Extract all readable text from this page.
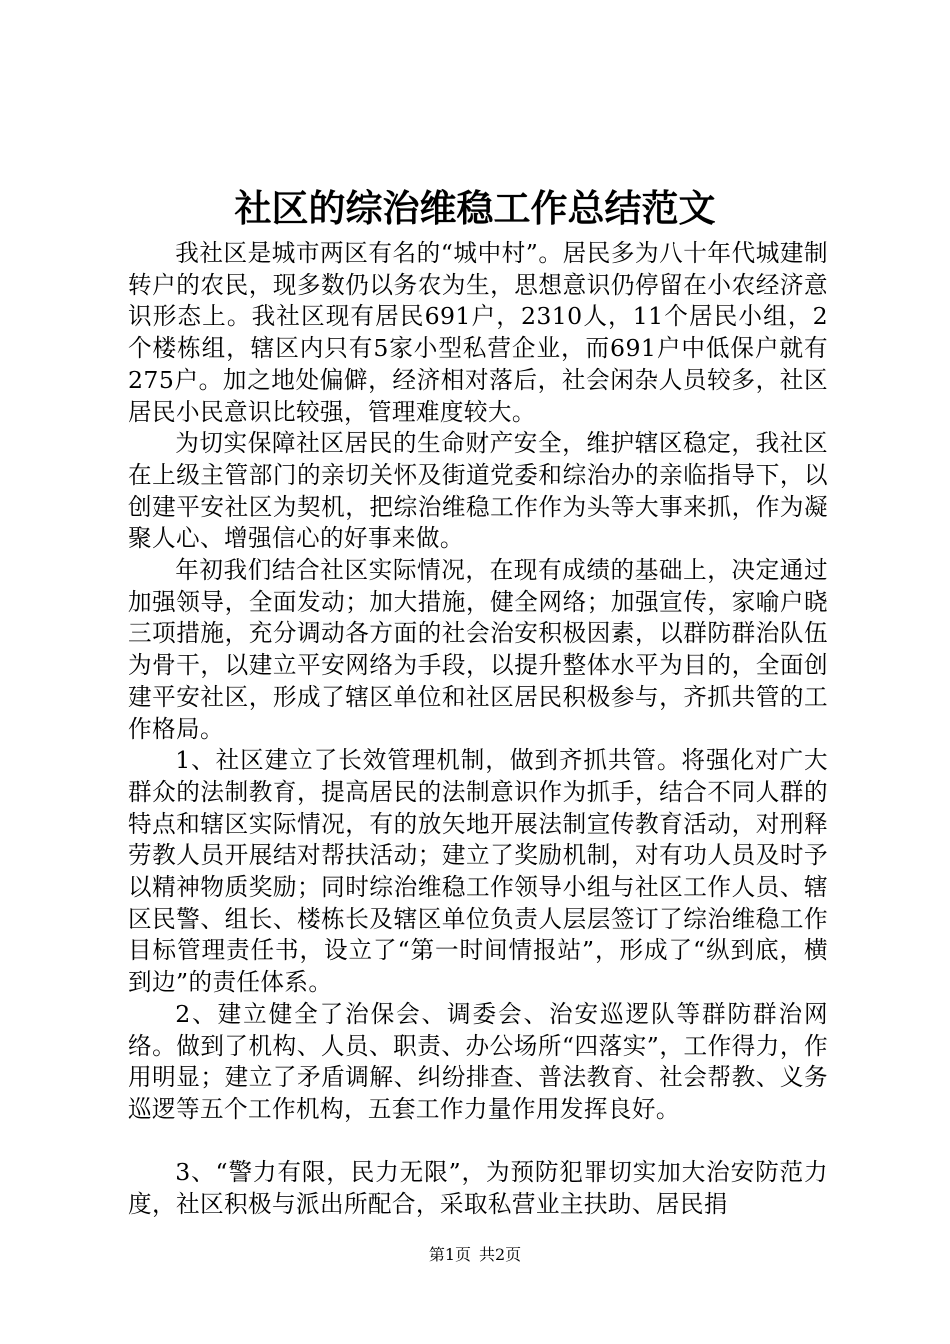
社区的综治维稳工作总结范文

我社区是城市两区有名的“城中村”。居民多为八十年代城建制转户的农民，现多数仍以务农为生，思想意识仍停留在小农经济意识形态上。我社区现有居民691户，2310人，11个居民小组，2个楼栋组，辖区内只有5家小型私营企业，而691户中低保户就有275户。加之地处偏僻，经济相对落后，社会闲杂人员较多，社区居民小民意识比较强，管理难度较大。

为切实保障社区居民的生命财产安全，维护辖区稳定，我社区在上级主管部门的亲切关怀及街道党委和综治办的亲临指导下，以创建平安社区为契机，把综治维稳工作作为头等大事来抓，作为凝聚人心、增强信心的好事来做。

年初我们结合社区实际情况，在现有成绩的基础上，决定通过加强领导，全面发动；加大措施，健全网络；加强宣传，家喻户晓三项措施，充分调动各方面的社会治安积极因素，以群防群治队伍为骨干，以建立平安网络为手段，以提升整体水平为目的，全面创建平安社区，形成了辖区单位和社区居民积极参与，齐抓共管的工作格局。

1、社区建立了长效管理机制，做到齐抓共管。将强化对广大群众的法制教育，提高居民的法制意识作为抓手，结合不同人群的特点和辖区实际情况，有的放矢地开展法制宣传教育活动，对刑释劳教人员开展结对帮扶活动；建立了奖励机制，对有功人员及时予以精神物质奖励；同时综治维稳工作领导小组与社区工作人员、辖区民警、组长、楼栋长及辖区单位负责人层层签订了综治维稳工作目标管理责任书，设立了“第一时间情报站”，形成了“纵到底，横到边”的责任体系。

2、建立健全了治保会、调委会、治安巡逻队等群防群治网络。做到了机构、人员、职责、办公场所“四落实”，工作得力，作用明显；建立了矛盾调解、纠纷排查、普法教育、社会帮教、义务巡逻等五个工作机构，五套工作力量作用发挥良好。

3、“警力有限，民力无限”，为预防犯罪切实加大治安防范力度，社区积极与派出所配合，采取私营业主扶助、居民捐

第1页 共2页
